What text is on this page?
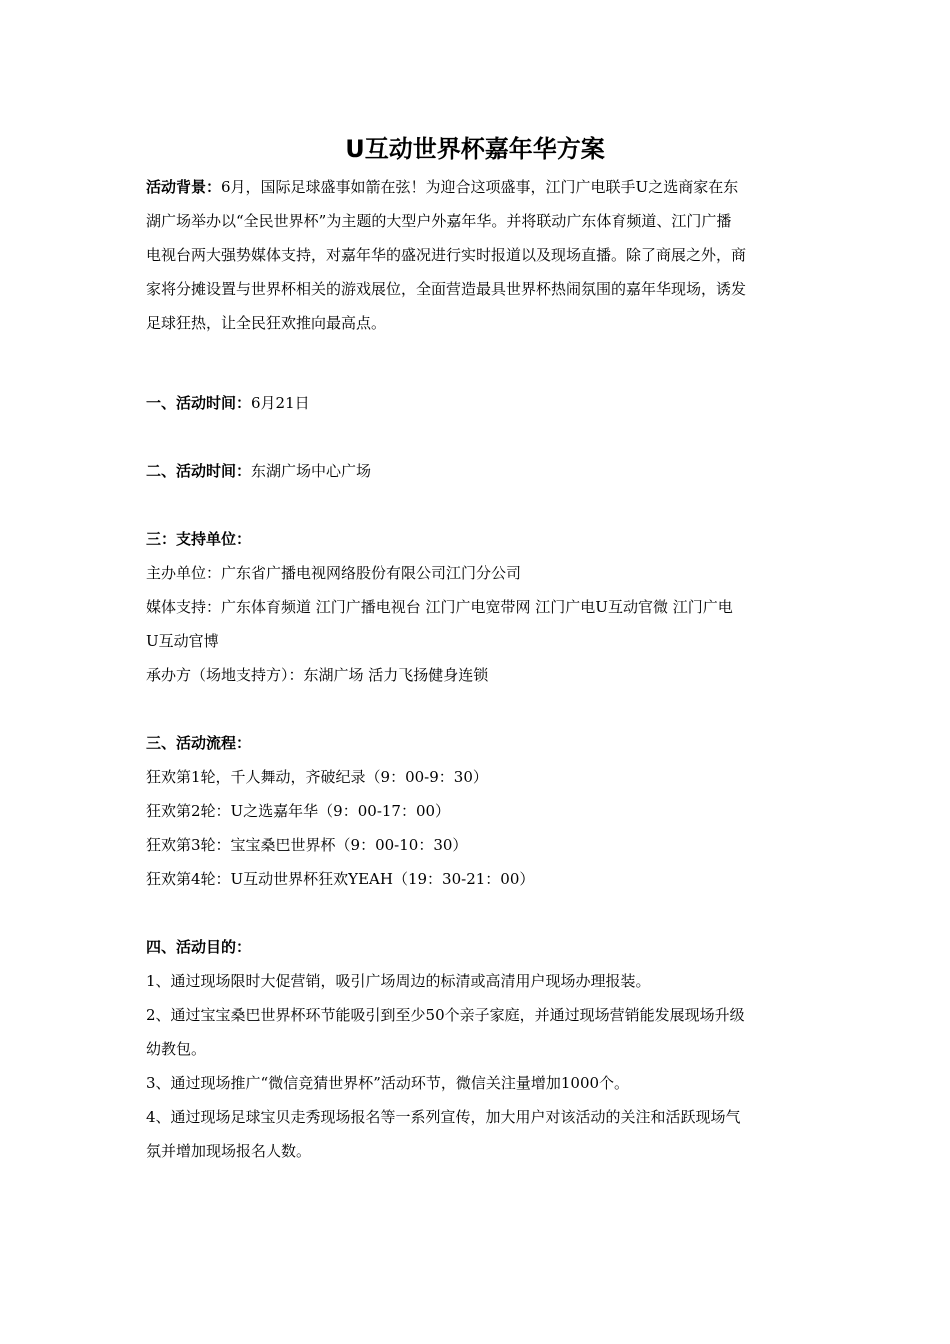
U互动世界杯嘉年华方案
活动背景：6月，国际足球盛事如箭在弦！为迎合这项盛事，江门广电联手U之选商家在东
湖广场举办以“全民世界杯”为主题的大型户外嘉年华。并将联动广东体育频道、江门广播
电视台两大强势媒体支持，对嘉年华的盛况进行实时报道以及现场直播。除了商展之外，商
家将分摊设置与世界杯相关的游戏展位，全面营造最具世界杯热闹氛围的嘉年华现场，诱发
足球狂热，让全民狂欢推向最高点。
一、活动时间：6月21日
二、活动时间：东湖广场中心广场
三：支持单位：
主办单位：广东省广播电视网络股份有限公司江门分公司
媒体支持：广东体育频道 江门广播电视台 江门广电宽带网 江门广电U互动官微 江门广电
U互动官博
承办方（场地支持方）：东湖广场 活力飞扬健身连锁
三、活动流程：
狂欢第1轮，千人舞动，齐破纪录（9：00-9：30）
狂欢第2轮：U之选嘉年华（9：00-17：00）
狂欢第3轮：宝宝桑巴世界杯（9：00-10：30）
狂欢第4轮：U互动世界杯狂欢YEAH（19：30-21：00）
四、活动目的：
1、通过现场限时大促营销，吸引广场周边的标清或高清用户现场办理报装。
2、通过宝宝桑巴世界杯环节能吸引到至少50个亲子家庭，并通过现场营销能发展现场升级
幼教包。
3、通过现场推广“微信竞猜世界杯”活动环节，微信关注量增加1000个。
4、通过现场足球宝贝走秀现场报名等一系列宣传，加大用户对该活动的关注和活跃现场气
氛并增加现场报名人数。
